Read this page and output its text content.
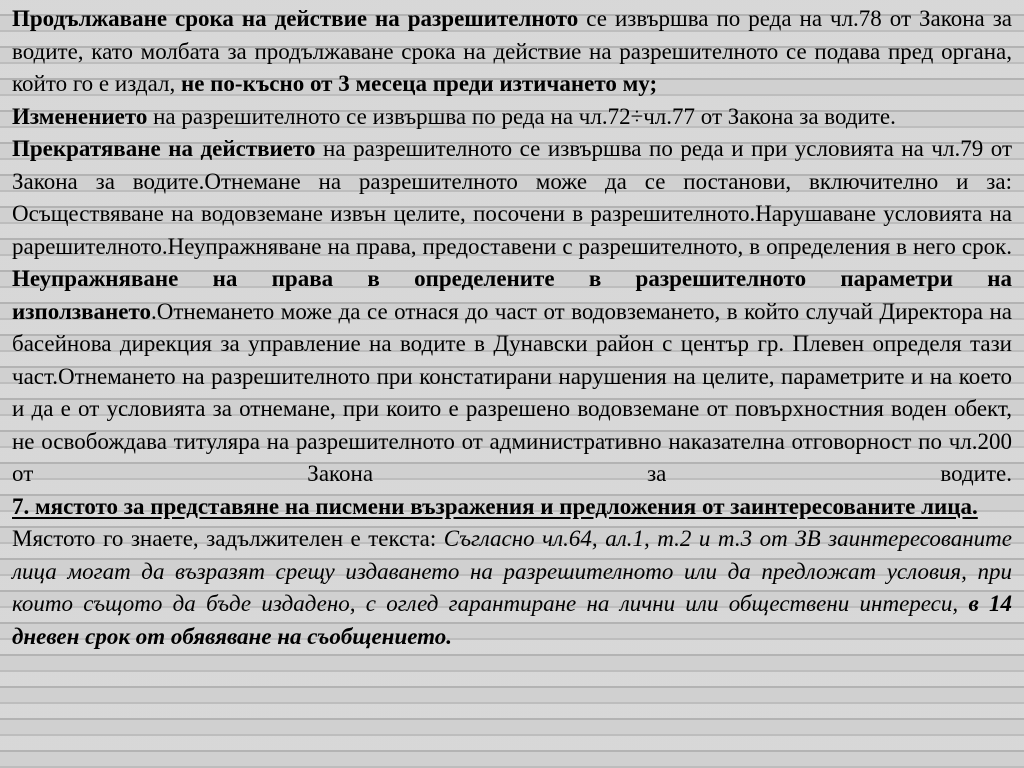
Продължаване срока на действие на разрешителното се извършва по реда на чл.78 от Закона за водите, като молбата за продължаване срока на действие на разрешителното се подава пред органа, който го е издал, не по-късно от 3 месеца преди изтичането му;

Изменението на разрешителното се извършва по реда на чл.72÷чл.77 от Закона за водите.

Прекратяване на действието на разрешителното се извършва по реда и при условията на чл.79 от Закона за водите.Отнемане на разрешителното може да се постанови, включително и за: Осъществяване на водовземане извън целите, посочени в разрешителното.Нарушаване условията на рарешителното.Неупражняване на права, предоставени с разрешителното, в определения в него срок. Неупражняване на права в определените в разрешителното параметри на използването.Отнемането може да се отнася до част от водовземането, в който случай Директора на басейнова дирекция за управление на водите в Дунавски район с център гр. Плевен определя тази част.Отнемането на разрешителното при констатирани нарушения на целите, параметрите и на което и да е от условията за отнемане, при които е разрешено водовземане от повърхностния воден обект, не освобождава титуляра на разрешителното от административно наказателна отговорност по чл.200 от Закона за водите.

7. мястото за представяне на писмени възражения и предложения от заинтересованите лица.

Мястото го знаете, задължителен е текста: Съгласно чл.64, ал.1, т.2 и т.3 от ЗВ заинтересованите лица могат да възразят срещу издаването на разрешителното или да предложат условия, при които същото да бъде издадено, с оглед гарантиране на лични или обществени интереси, в 14 дневен срок от обявяване на съобщението.
